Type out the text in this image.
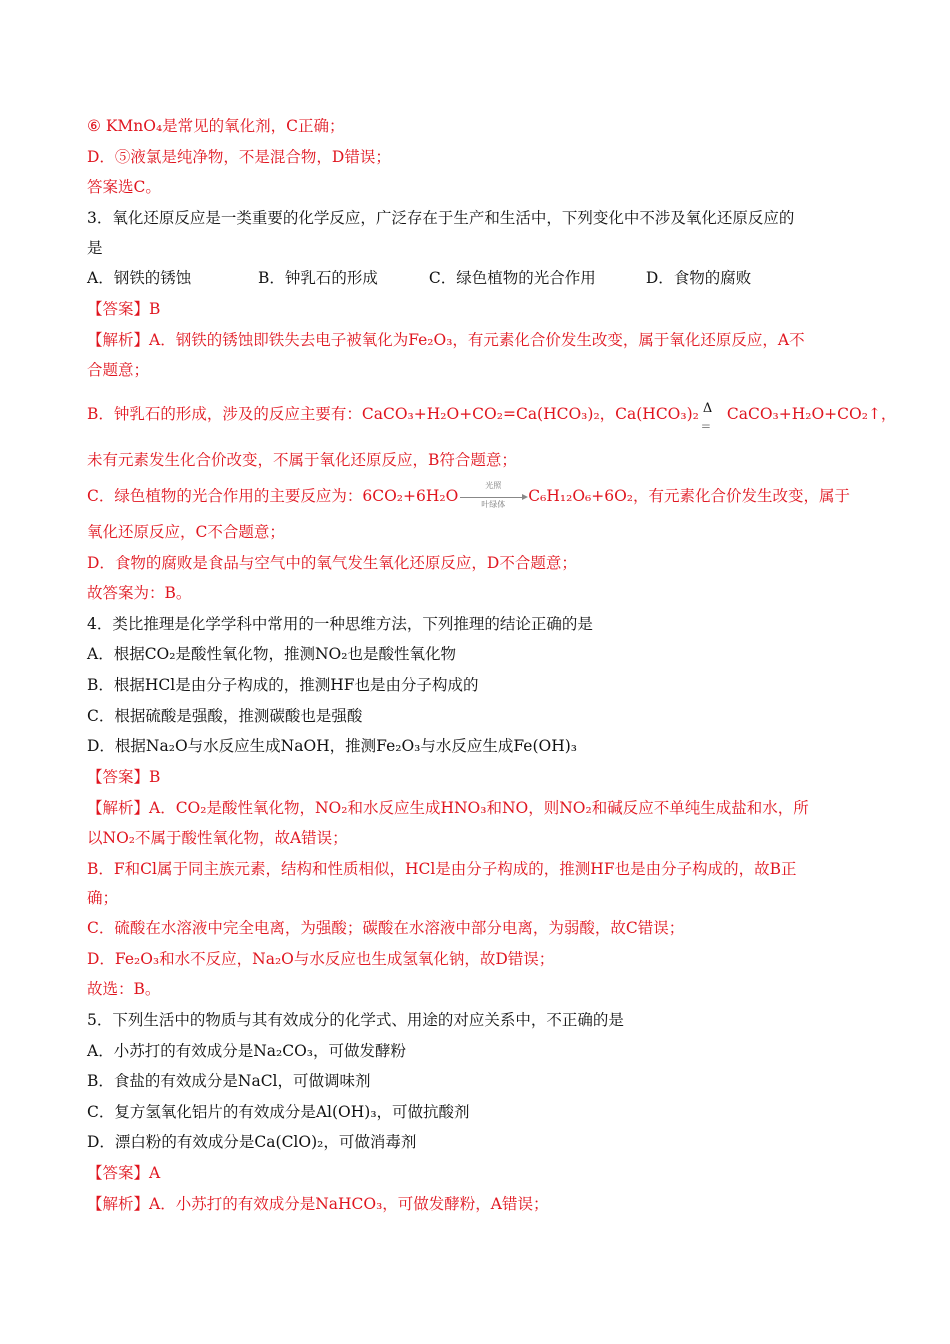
⑥ KMnO₄是常见的氧化剂，C正确；
D．⑤液氯是纯净物，不是混合物，D错误；
答案选C。
3．氧化还原反应是一类重要的化学反应，广泛存在于生产和生活中，下列变化中不涉及氧化还原反应的
是
A．钢铁的锈蚀	B．钟乳石的形成	C．绿色植物的光合作用	D．食物的腐败
【答案】B
【解析】A．钢铁的锈蚀即铁失去电子被氧化为Fe₂O₃，有元素化合价发生改变，属于氧化还原反应，A不
合题意；
B．钟乳石的形成，涉及的反应主要有：CaCO₃+H₂O+CO₂=Ca(HCO₃)₂，Ca(HCO₃)₂ Δ
=
CaCO₃+H₂O+CO₂↑，
未有元素发生化合价改变，不属于氧化还原反应，B符合题意；
C．绿色植物的光合作用的主要反应为：6CO₂+6H₂O
光照
叶绿体	C₆H₁₂O₆+6O₂，有元素化合价发生改变，属于
氧化还原反应，C不合题意；
D．食物的腐败是食品与空气中的氧气发生氧化还原反应，D不合题意；
故答案为：B。
4．类比推理是化学学科中常用的一种思维方法，下列推理的结论正确的是
A．根据CO₂是酸性氧化物，推测NO₂也是酸性氧化物
B．根据HCl是由分子构成的，推测HF也是由分子构成的
C．根据硫酸是强酸，推测碳酸也是强酸
D．根据Na₂O与水反应生成NaOH，推测Fe₂O₃与水反应生成Fe(OH)₃
【答案】B
【解析】A．CO₂是酸性氧化物，NO₂和水反应生成HNO₃和NO，则NO₂和碱反应不单纯生成盐和水，所
以NO₂不属于酸性氧化物，故A错误；
B．F和Cl属于同主族元素，结构和性质相似，HCl是由分子构成的，推测HF也是由分子构成的，故B正
确；
C．硫酸在水溶液中完全电离，为强酸；碳酸在水溶液中部分电离，为弱酸，故C错误；
D．Fe₂O₃和水不反应，Na₂O与水反应也生成氢氧化钠，故D错误；
故选：B。
5．下列生活中的物质与其有效成分的化学式、用途的对应关系中，不正确的是
A．小苏打的有效成分是Na₂CO₃，可做发酵粉
B．食盐的有效成分是NaCl，可做调味剂
C．复方氢氧化铝片的有效成分是Al(OH)₃，可做抗酸剂
D．漂白粉的有效成分是Ca(ClO)₂，可做消毒剂
【答案】A
【解析】A．小苏打的有效成分是NaHCO₃，可做发酵粉，A错误；
